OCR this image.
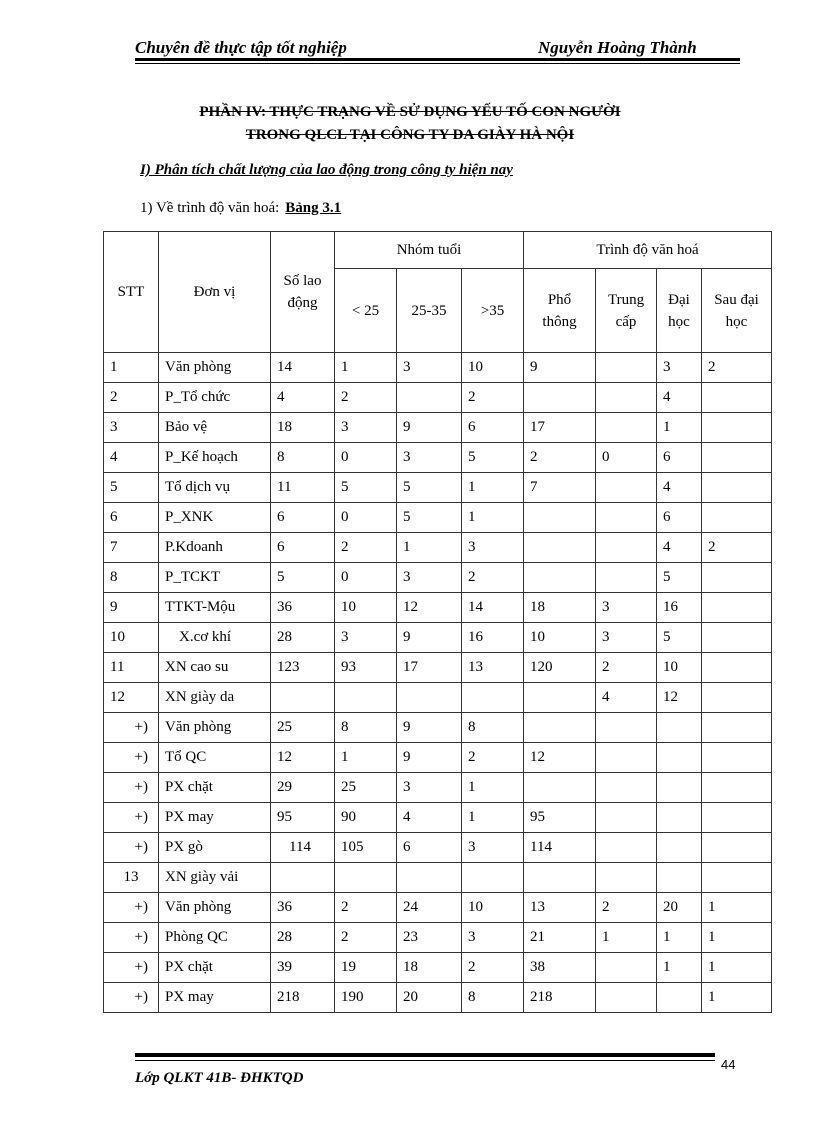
Chuyên đề thực tập tốt nghiệp	Nguyễn Hoàng Thành
PHẦN IV: THỰC TRẠNG VỀ SỬ DỤNG YẾU TỐ CON NGƯỜI
TRONG QLCL TẠI CÔNG TY DA GIÀY HÀ NỘI
I) Phân tích chất lượng của lao động trong công ty hiện nay
1) Về trình độ văn hoá: Bảng 3.1
STT	Đơn vị	Số lao động	Nhóm tuổi			Trình độ văn hoá			
			< 25	25-35	>35	Phổ thông	Trung cấp	Đại học	Sau đại học
1	Văn phòng	14	1	3	10	9		3	2
2	P_Tổ chức	4	2		2			4	
3	Bảo vệ	18	3	9	6	17		1	
4	P_Kế hoạch	8	0	3	5	2	0	6	
5	Tổ dịch vụ	11	5	5	1	7		4	
6	P_XNK	6	0	5	1			6	
7	P.Kdoanh	6	2	1	3			4	2
8	P_TCKT	5	0	3	2			5	
9	TTKT-Mộu	36	10	12	14	18	3	16	
10	X.cơ khí	28	3	9	16	10	3	5	
11	XN cao su	123	93	17	13	120	2	10	
12	XN giày da						4	12	
+)	Văn phòng	25	8	9	8				
+)	Tổ QC	12	1	9	2	12			
+)	PX chặt	29	25	3	1				
+)	PX may	95	90	4	1	95			
+)	PX gò	114	105	6	3	114			
13	XN giày vải								
+)	Văn phòng	36	2	24	10	13	2	20	1
+)	Phòng QC	28	2	23	3	21	1	1	1
+)	PX chặt	39	19	18	2	38		1	1
+)	PX may	218	190	20	8	218			1
44
Lớp QLKT 41B- ĐHKTQD
